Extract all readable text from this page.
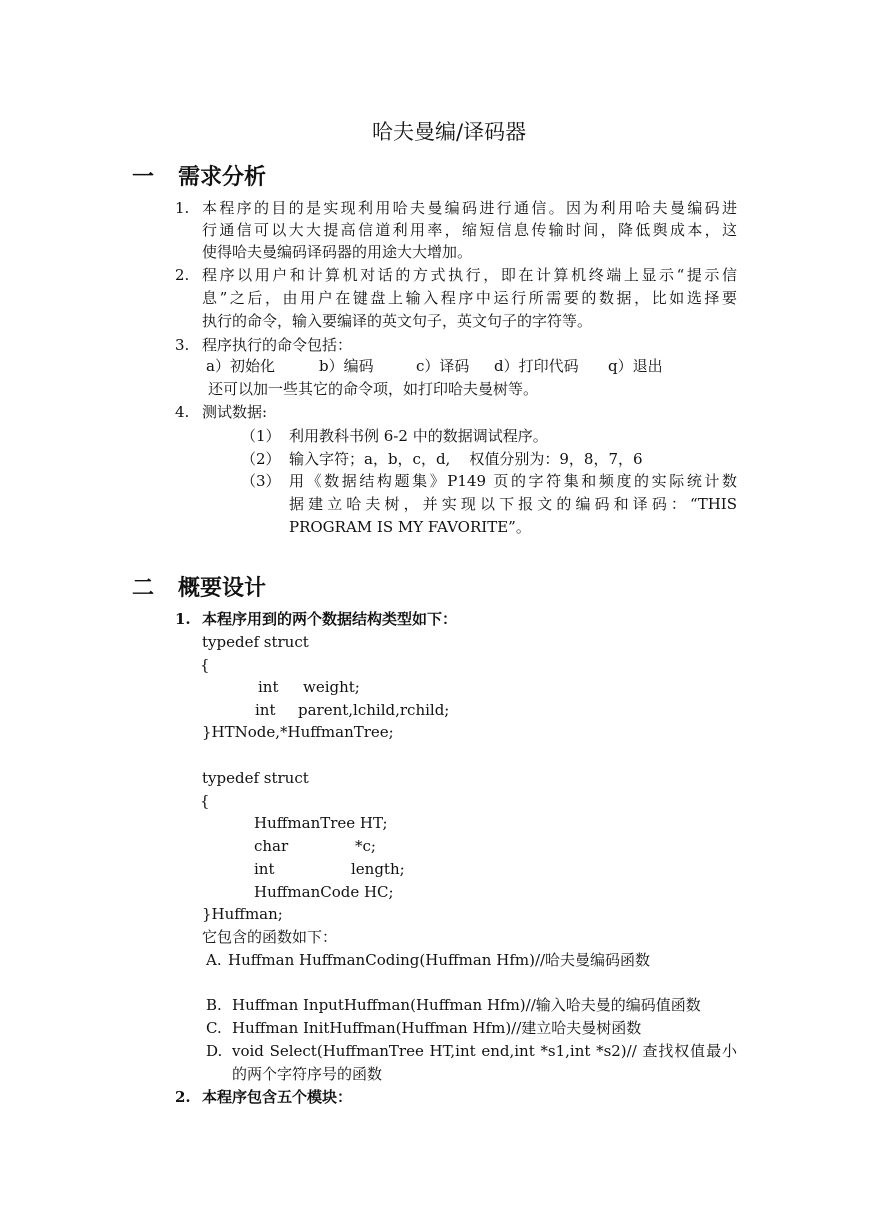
哈夫曼编/译码器
一 需求分析
1. 本程序的目的是实现利用哈夫曼编码进行通信。因为利用哈夫曼编码进
行通信可以大大提高信道利用率，缩短信息传输时间，降低舆成本，这
使得哈夫曼编码译码器的用途大大增加。
2. 程序以用户和计算机对话的方式执行，即在计算机终端上显示“提示信
息”之后，由用户在键盘上输入程序中运行所需要的数据，比如选择要
执行的命令，输入要编译的英文句子，英文句子的字符等。
3. 程序执行的命令包括：
a）初始化	b）编码	c）译码 d）打印代码 q）退出
还可以加一些其它的命令项，如打印哈夫曼树等。
4. 测试数据:
（1） 利用教科书例 6-2 中的数据调试程序。
（2） 输入字符；a，b，c，d,    权值分别为：9，8，7，6
（3） 用《数据结构题集》P149 页的字符集和频度的实际统计数
据建立哈夫树，并实现以下报文的编码和译码：“THIS
PROGRAM IS MY FAVORITE”。
二 概要设计
1. 本程序用到的两个数据结构类型如下：
typedef struct
{
int weight;
int parent,lchild,rchild;
}HTNode,*HuffmanTree;
typedef struct
{
HuffmanTree HT;
char	*c;
int	length;
HuffmanCode HC;
}Huffman;
它包含的函数如下：
A. Huffman HuffmanCoding(Huffman Hfm)//哈夫曼编码函数
B. Huffman InputHuffman(Huffman Hfm)//输入哈夫曼的编码值函数
C. Huffman InitHuffman(Huffman Hfm)//建立哈夫曼树函数
D. void Select(HuffmanTree HT,int end,int *s1,int *s2)// 查找权值最小
的两个字符序号的函数
2. 本程序包含五个模块：
